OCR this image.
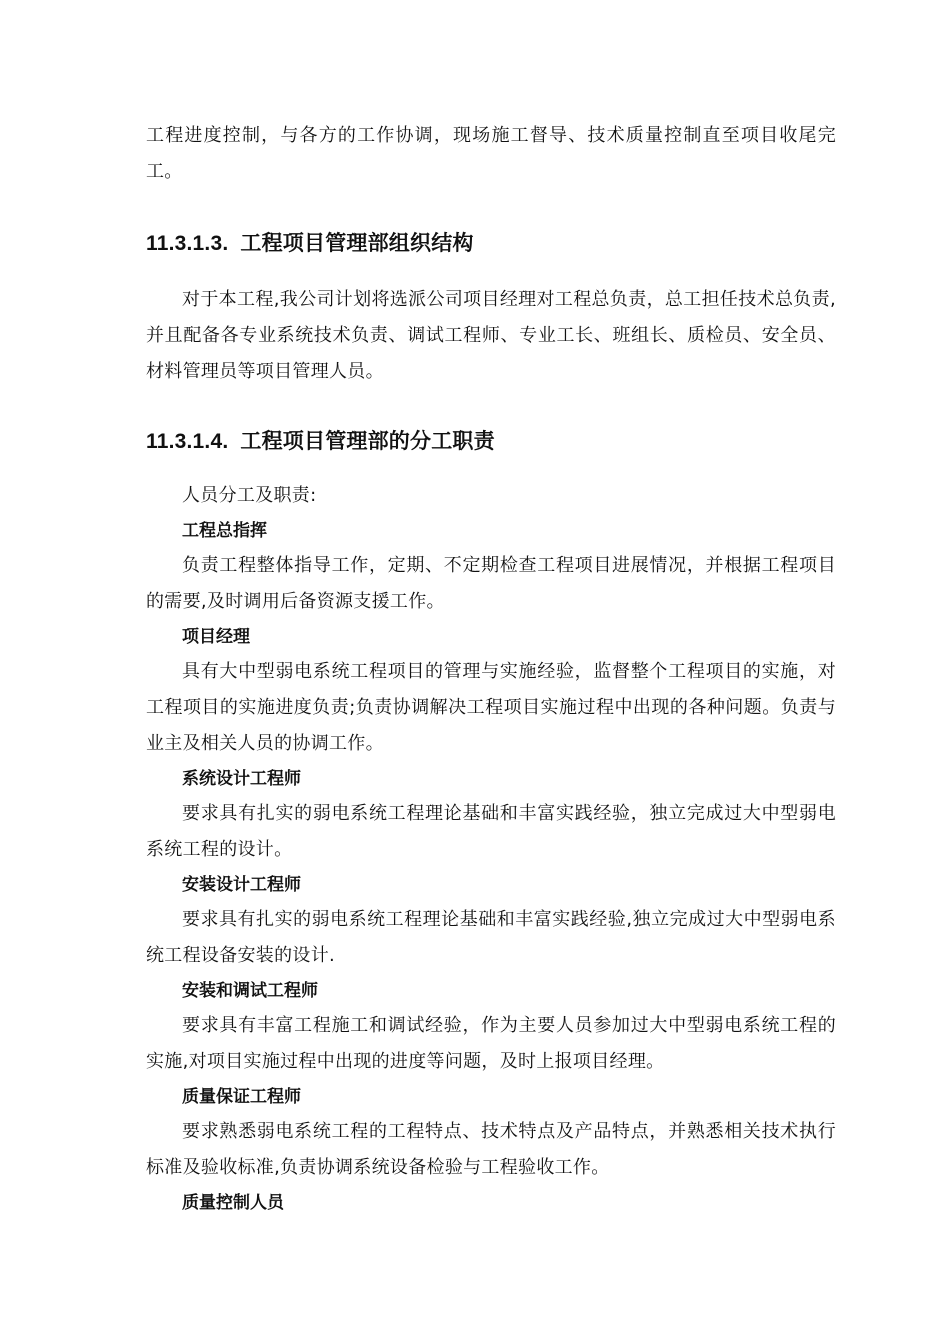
工程进度控制，与各方的工作协调，现场施工督导、技术质量控制直至项目收尾完工。

11.3.1.3. 工程项目管理部组织结构

对于本工程,我公司计划将选派公司项目经理对工程总负责，总工担任技术总负责,并且配备各专业系统技术负责、调试工程师、专业工长、班组长、质检员、安全员、材料管理员等项目管理人员。

11.3.1.4. 工程项目管理部的分工职责

人员分工及职责:

工程总指挥

负责工程整体指导工作，定期、不定期检查工程项目进展情况，并根据工程项目的需要,及时调用后备资源支援工作。

项目经理

具有大中型弱电系统工程项目的管理与实施经验，监督整个工程项目的实施，对工程项目的实施进度负责;负责协调解决工程项目实施过程中出现的各种问题。负责与业主及相关人员的协调工作。

系统设计工程师

要求具有扎实的弱电系统工程理论基础和丰富实践经验，独立完成过大中型弱电系统工程的设计。

安装设计工程师

要求具有扎实的弱电系统工程理论基础和丰富实践经验,独立完成过大中型弱电系统工程设备安装的设计.

安装和调试工程师

要求具有丰富工程施工和调试经验，作为主要人员参加过大中型弱电系统工程的实施,对项目实施过程中出现的进度等问题，及时上报项目经理。

质量保证工程师

要求熟悉弱电系统工程的工程特点、技术特点及产品特点，并熟悉相关技术执行标准及验收标准,负责协调系统设备检验与工程验收工作。

质量控制人员
